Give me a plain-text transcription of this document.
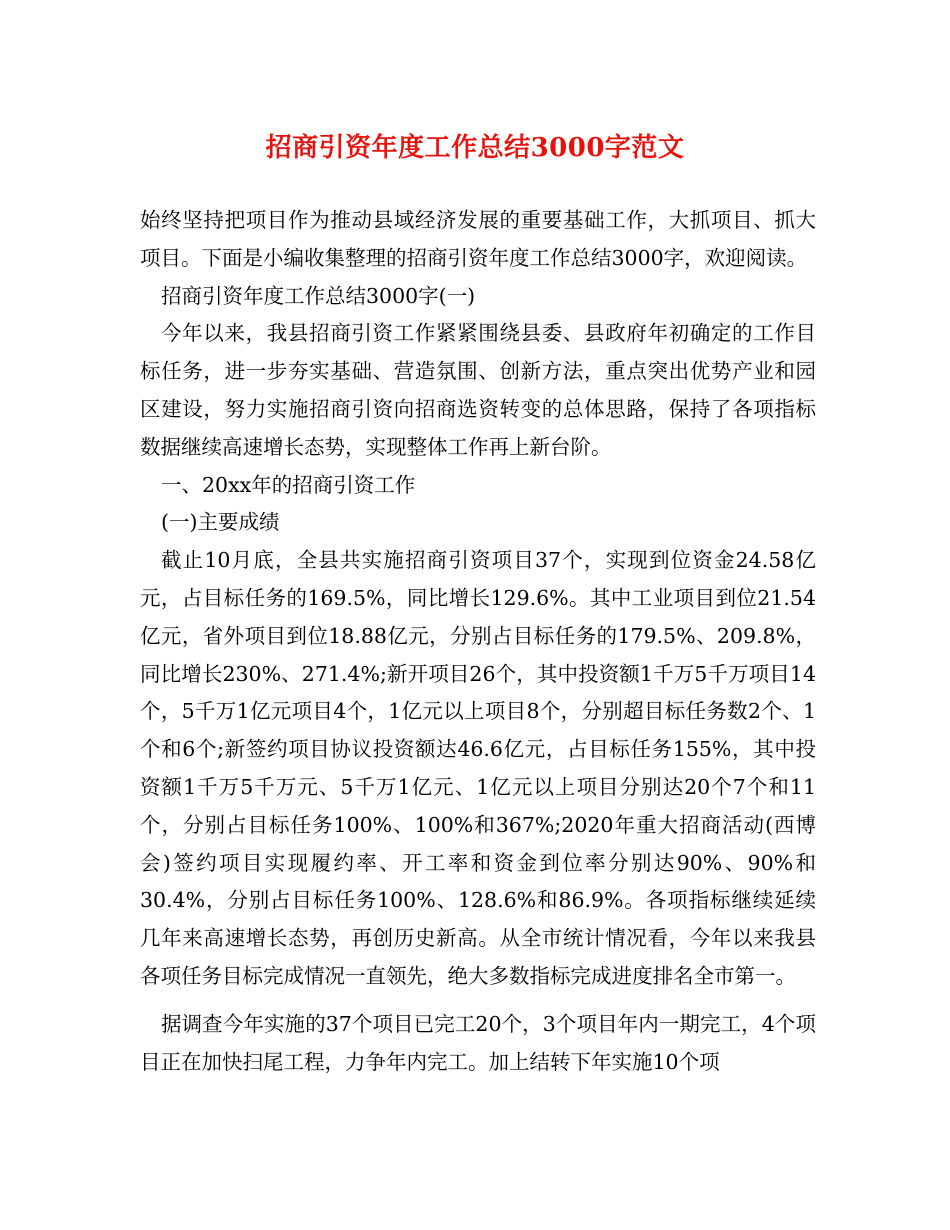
招商引资年度工作总结3000字范文

始终坚持把项目作为推动县域经济发展的重要基础工作，大抓项目、抓大项目。下面是小编收集整理的招商引资年度工作总结3000字，欢迎阅读。

招商引资年度工作总结3000字(一)

今年以来，我县招商引资工作紧紧围绕县委、县政府年初确定的工作目标任务，进一步夯实基础、营造氛围、创新方法，重点突出优势产业和园区建设，努力实施招商引资向招商选资转变的总体思路，保持了各项指标数据继续高速增长态势，实现整体工作再上新台阶。

一、20xx年的招商引资工作

(一)主要成绩

截止10月底，全县共实施招商引资项目37个，实现到位资金24.58亿元，占目标任务的169.5%，同比增长129.6%。其中工业项目到位21.54亿元，省外项目到位18.88亿元，分别占目标任务的179.5%、209.8%，同比增长230%、271.4%;新开项目26个，其中投资额1千万5千万项目14个，5千万1亿元项目4个，1亿元以上项目8个，分别超目标任务数2个、1个和6个;新签约项目协议投资额达46.6亿元，占目标任务155%，其中投资额1千万5千万元、5千万1亿元、1亿元以上项目分别达20个7个和11个，分别占目标任务100%、100%和367%;2020年重大招商活动(西博会)签约项目实现履约率、开工率和资金到位率分别达90%、90%和30.4%，分别占目标任务100%、128.6%和86.9%。各项指标继续延续几年来高速增长态势，再创历史新高。从全市统计情况看，今年以来我县各项任务目标完成情况一直领先，绝大多数指标完成进度排名全市第一。

据调查今年实施的37个项目已完工20个，3个项目年内一期完工，4个项目正在加快扫尾工程，力争年内完工。加上结转下年实施10个项
